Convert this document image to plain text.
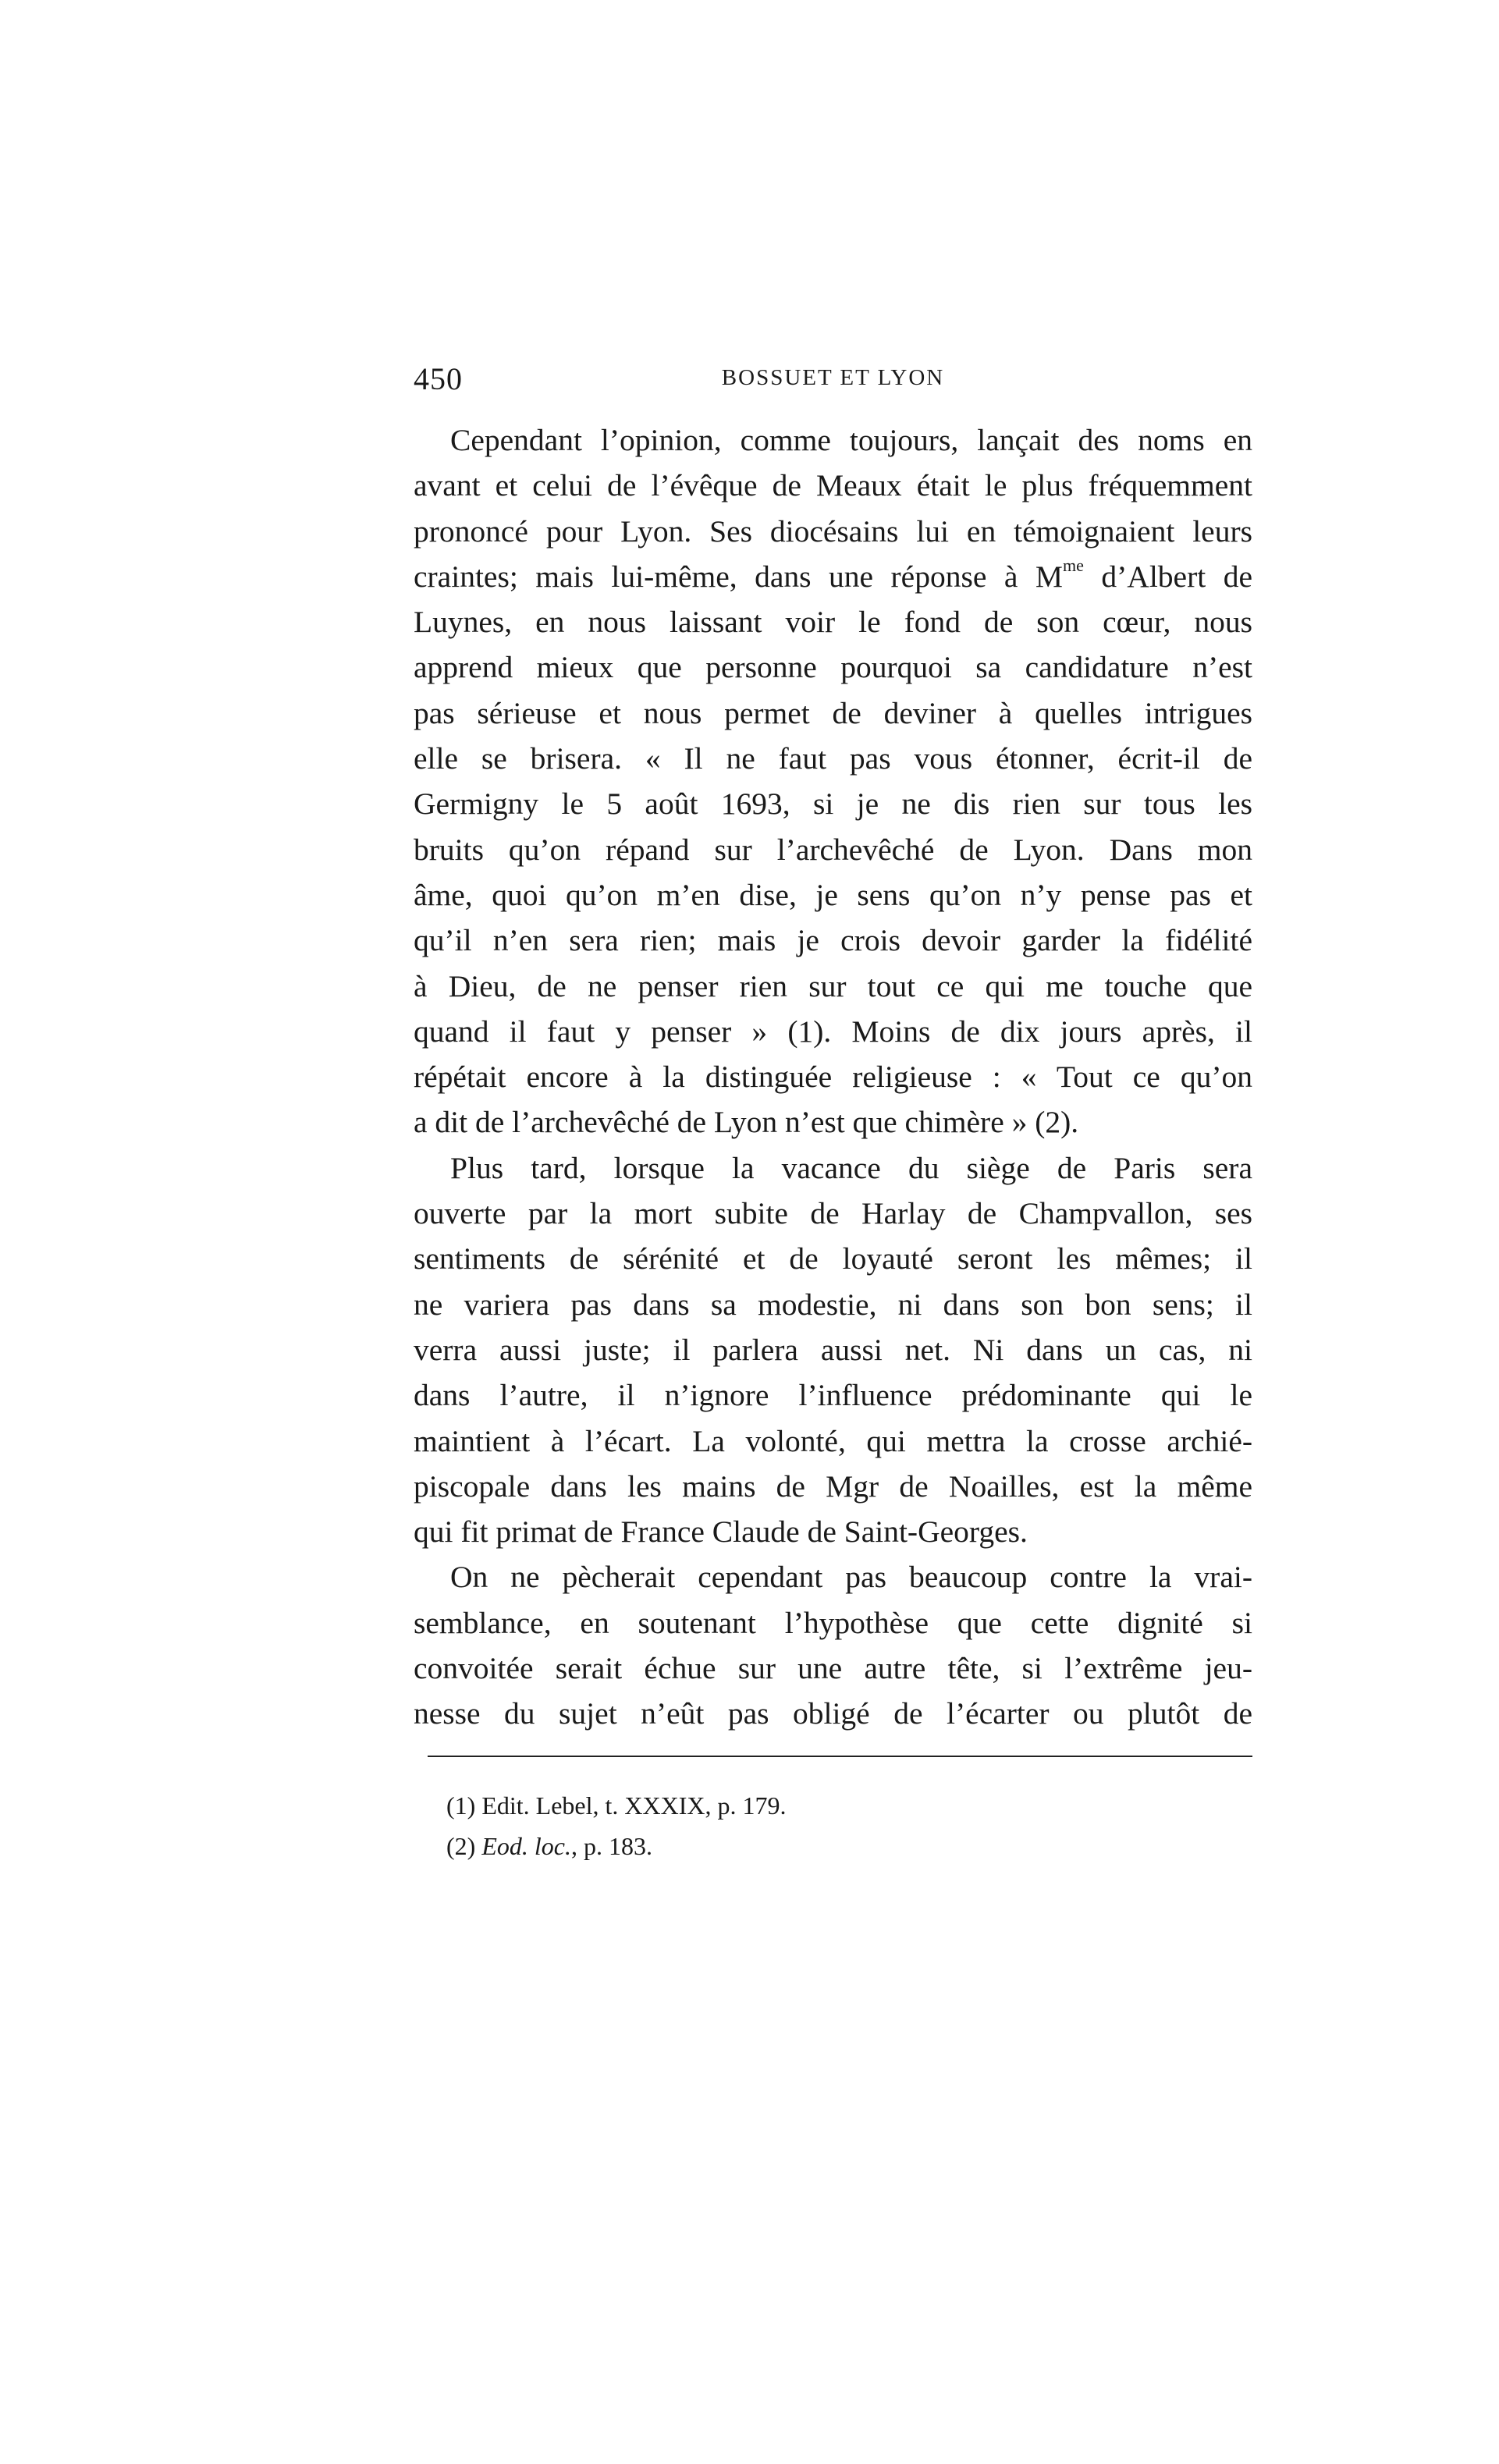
450	BOSSUET ET LYON
Cependant l’opinion, comme toujours, lançait des noms en
avant et celui de l’évêque de Meaux était le plus fréquemment
prononcé pour Lyon. Ses diocésains lui en témoignaient leurs
craintes; mais lui-même, dans une réponse à $M^{me}$ d’Albert de
Luynes, en nous laissant voir le fond de son cœur, nous
apprend mieux que personne pourquoi sa candidature n’est
pas sérieuse et nous permet de deviner à quelles intrigues
elle se brisera. « Il ne faut pas vous étonner, écrit-il de
Germigny le 5 août 1693, si je ne dis rien sur tous les
bruits qu’on répand sur l’archevêché de Lyon. Dans mon
âme, quoi qu’on m’en dise, je sens qu’on n’y pense pas et
qu’il n’en sera rien; mais je crois devoir garder la fidélité
à Dieu, de ne penser rien sur tout ce qui me touche que
quand il faut y penser » (1). Moins de dix jours après, il
répétait encore à la distinguée religieuse : « Tout ce qu’on
a dit de l’archevêché de Lyon n’est que chimère » (2).
Plus tard, lorsque la vacance du siège de Paris sera
ouverte par la mort subite de Harlay de Champvallon, ses
sentiments de sérénité et de loyauté seront les mêmes; il
ne variera pas dans sa modestie, ni dans son bon sens; il
verra aussi juste; il parlera aussi net. Ni dans un cas, ni
dans l’autre, il n’ignore l’influence prédominante qui le
maintient à l’écart. La volonté, qui mettra la crosse archié-
piscopale dans les mains de Mgr de Noailles, est la même
qui fit primat de France Claude de Saint-Georges.
On ne pècherait cependant pas beaucoup contre la vrai-
semblance, en soutenant l’hypothèse que cette dignité si
convoitée serait échue sur une autre tête, si l’extrême jeu-
nesse du sujet n’eût pas obligé de l’écarter ou plutôt de
(1) Edit. Lebel, t. XXXIX, p. 179.
(2) Eod. loc., p. 183.
